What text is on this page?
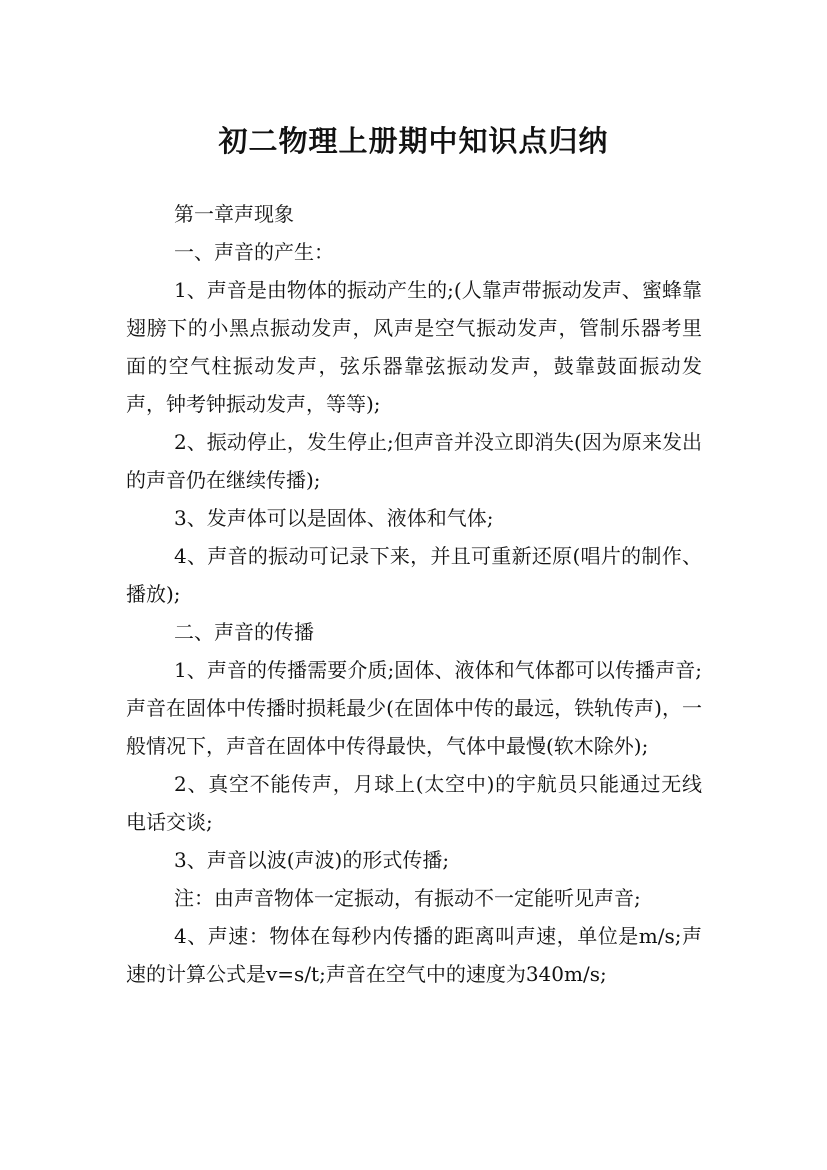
初二物理上册期中知识点归纳

第一章声现象

一、声音的产生：

1、声音是由物体的振动产生的;(人靠声带振动发声、蜜蜂靠翅膀下的小黑点振动发声，风声是空气振动发声，管制乐器考里面的空气柱振动发声，弦乐器靠弦振动发声，鼓靠鼓面振动发声，钟考钟振动发声，等等);

2、振动停止，发生停止;但声音并没立即消失(因为原来发出的声音仍在继续传播);

3、发声体可以是固体、液体和气体;

4、声音的振动可记录下来，并且可重新还原(唱片的制作、播放);

二、声音的传播

1、声音的传播需要介质;固体、液体和气体都可以传播声音;声音在固体中传播时损耗最少(在固体中传的最远，铁轨传声)，一般情况下，声音在固体中传得最快，气体中最慢(软木除外);

2、真空不能传声，月球上(太空中)的宇航员只能通过无线电话交谈;

3、声音以波(声波)的形式传播;

注：由声音物体一定振动，有振动不一定能听见声音;

4、声速：物体在每秒内传播的距离叫声速，单位是m/s;声速的计算公式是v=s/t;声音在空气中的速度为340m/s;
